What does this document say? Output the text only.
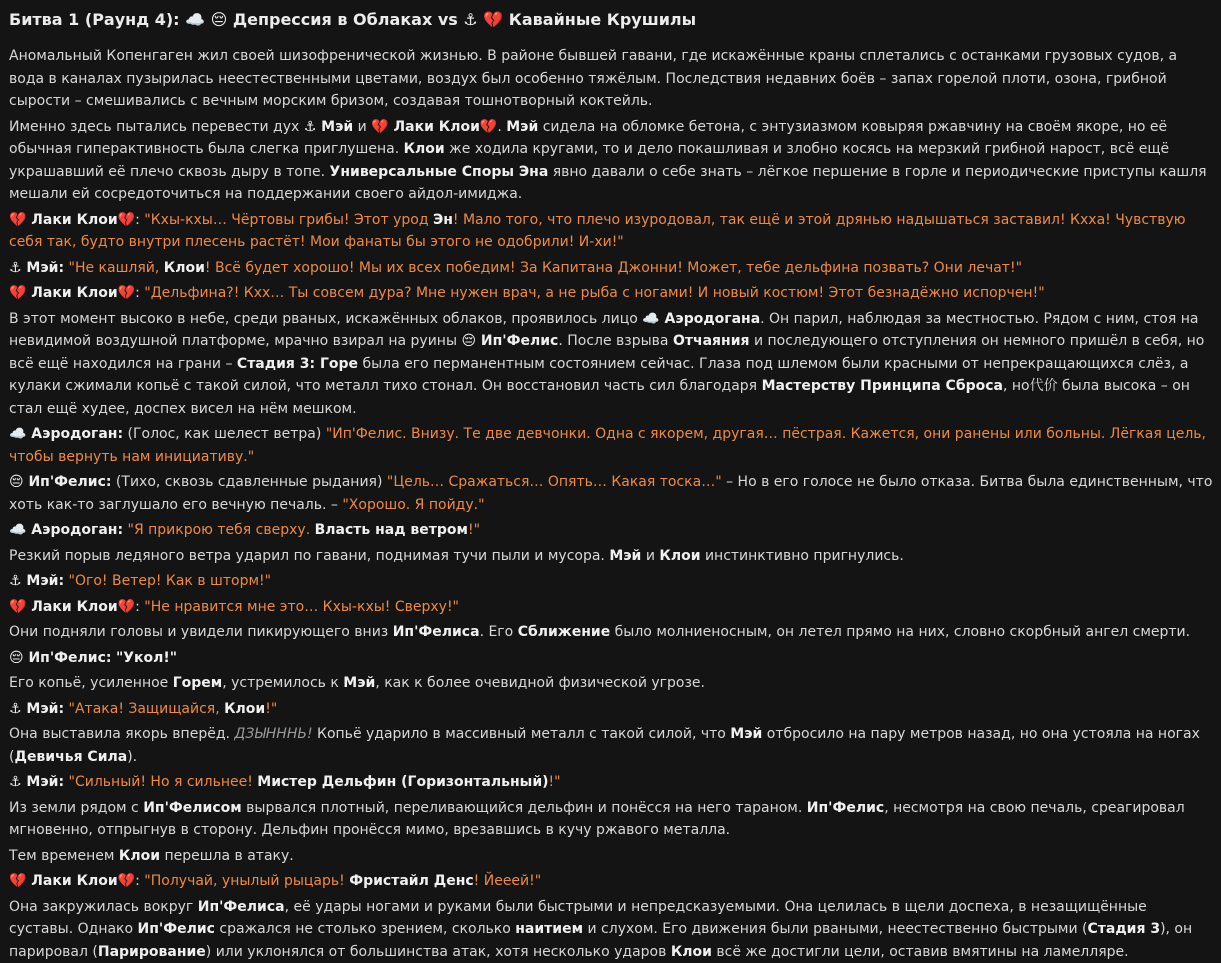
Битва 1 (Раунд 4): ☁️ 😔 Депрессия в Облаках vs ⚓ 💔 Кавайные Крушилы
Аномальный Копенгаген жил своей шизофренической жизнью. В районе бывшей гавани, где искажённые краны сплетались с останками грузовых судов, а вода в каналах пузырилась неестественными цветами, воздух был особенно тяжёлым. Последствия недавних боёв – запах горелой плоти, озона, грибной сырости – смешивались с вечным морским бризом, создавая тошнотворный коктейль.
Именно здесь пытались перевести дух ⚓ Мэй и 💔 Лаки Клои💔. Мэй сидела на обломке бетона, с энтузиазмом ковыряя ржавчину на своём якоре, но её обычная гиперактивность была слегка приглушена. Клои же ходила кругами, то и дело покашливая и злобно косясь на мерзкий грибной нарост, всё ещё украшавший её плечо сквозь дыру в топе. Универсальные Споры Эна явно давали о себе знать – лёгкое першение в горле и периодические приступы кашля мешали ей сосредоточиться на поддержании своего айдол-имиджа.
💔 Лаки Клои💔: "Кхы-кхы… Чёртовы грибы! Этот урод Эн! Мало того, что плечо изуродовал, так ещё и этой дрянью надышаться заставил! Кхха! Чувствую себя так, будто внутри плесень растёт! Мои фанаты бы этого не одобрили! И-хи!"
⚓ Мэй: "Не кашляй, Клои! Всё будет хорошо! Мы их всех победим! За Капитана Джонни! Может, тебе дельфина позвать? Они лечат!"
💔 Лаки Клои💔: "Дельфина?! Кхх… Ты совсем дура? Мне нужен врач, а не рыба с ногами! И новый костюм! Этот безнадёжно испорчен!"
В этот момент высоко в небе, среди рваных, искажённых облаков, проявилось лицо ☁️ Аэродогана. Он парил, наблюдая за местностью. Рядом с ним, стоя на невидимой воздушной платформе, мрачно взирал на руины 😔 Ип'Фелис. После взрыва Отчаяния и последующего отступления он немного пришёл в себя, но всё ещё находился на грани – Стадия 3: Горе была его перманентным состоянием сейчас. Глаза под шлемом были красными от непрекращающихся слёз, а кулаки сжимали копьё с такой силой, что металл тихо стонал. Он восстановил часть сил благодаря Мастерству Принципа Сброса, но代价 была высока – он стал ещё худее, доспех висел на нём мешком.
☁️ Аэродоган: (Голос, как шелест ветра) "Ип'Фелис. Внизу. Те две девчонки. Одна с якорем, другая… пёстрая. Кажется, они ранены или больны. Лёгкая цель, чтобы вернуть нам инициативу."
😔 Ип'Фелис: (Тихо, сквозь сдавленные рыдания) "Цель… Сражаться… Опять… Какая тоска…" – Но в его голосе не было отказа. Битва была единственным, что хоть как-то заглушало его вечную печаль. – "Хорошо. Я пойду."
☁️ Аэродоган: "Я прикрою тебя сверху. Власть над ветром!"
Резкий порыв ледяного ветра ударил по гавани, поднимая тучи пыли и мусора. Мэй и Клои инстинктивно пригнулись.
⚓ Мэй: "Ого! Ветер! Как в шторм!"
💔 Лаки Клои💔: "Не нравится мне это… Кхы-кхы! Сверху!"
Они подняли головы и увидели пикирующего вниз Ип'Фелиса. Его Сближение было молниеносным, он летел прямо на них, словно скорбный ангел смерти.
😔 Ип'Фелис: "Укол!"
Его копьё, усиленное Горем, устремилось к Мэй, как к более очевидной физической угрозе.
⚓ Мэй: "Атака! Защищайся, Клои!"
Она выставила якорь вперёд. ДЗЫНННЬ! Копьё ударило в массивный металл с такой силой, что Мэй отбросило на пару метров назад, но она устояла на ногах (Девичья Сила).
⚓ Мэй: "Сильный! Но я сильнее! Мистер Дельфин (Горизонтальный)!"
Из земли рядом с Ип'Фелисом вырвался плотный, переливающийся дельфин и понёсся на него тараном. Ип'Фелис, несмотря на свою печаль, среагировал мгновенно, отпрыгнув в сторону. Дельфин пронёсся мимо, врезавшись в кучу ржавого металла.
Тем временем Клои перешла в атаку.
💔 Лаки Клои💔: "Получай, унылый рыцарь! Фристайл Денс! Йееей!"
Она закружилась вокруг Ип'Фелиса, её удары ногами и руками были быстрыми и непредсказуемыми. Она целилась в щели доспеха, в незащищённые суставы. Однако Ип'Фелис сражался не столько зрением, сколько наитием и слухом. Его движения были рваными, неестественно быстрыми (Стадия 3), он парировал (Парирование) или уклонялся от большинства атак, хотя несколько ударов Клои всё же достигли цели, оставив вмятины на ламелляре.
